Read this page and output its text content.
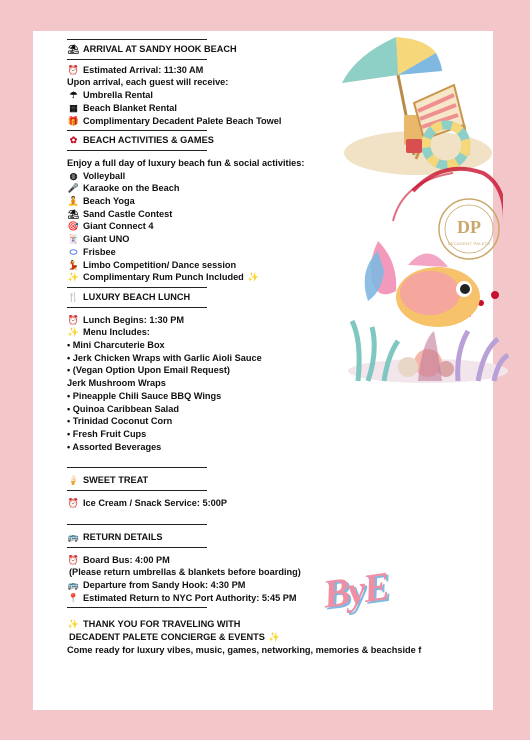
DP
DECADENT PALETE
ByE
⛱ ARRIVAL AT SANDY HOOK BEACH
⏰ Estimated Arrival: 11:30 AM
Upon arrival, each guest will receive:
☂ Umbrella Rental
▦ Beach Blanket Rental
🎁 Complimentary Decadent Palete Beach Towel
✿ BEACH ACTIVITIES & GAMES
Enjoy a full day of luxury beach fun & social activities:
◍ Volleyball
🎤 Karaoke on the Beach
🧘 Beach Yoga
⛱ Sand Castle Contest
🎯 Giant Connect 4
🃏 Giant UNO
⬭ Frisbee
💃 Limbo Competition/ Dance session
✨ Complimentary Rum Punch Included ✨
🍴 LUXURY BEACH LUNCH
⏰ Lunch Begins: 1:30 PM
✨ Menu Includes:
• Mini Charcuterie Box
• Jerk Chicken Wraps with Garlic Aioli Sauce
• (Vegan Option Upon Email Request)
Jerk Mushroom Wraps
• Pineapple Chili Sauce BBQ Wings
• Quinoa Caribbean Salad
• Trinidad Coconut Corn
• Fresh Fruit Cups
• Assorted Beverages
🍦 SWEET TREAT
⏰ Ice Cream / Snack Service: 5:00P
🚌 RETURN DETAILS
⏰ Board Bus: 4:00 PM
(Please return umbrellas & blankets before boarding)
🚌 Departure from Sandy Hook: 4:30 PM
📍 Estimated Return to NYC Port Authority: 5:45 PM
✨ THANK YOU FOR TRAVELING WITH
DECADENT PALETE CONCIERGE & EVENTS ✨
Come ready for luxury vibes, music, games, networking, memories & beachside f
